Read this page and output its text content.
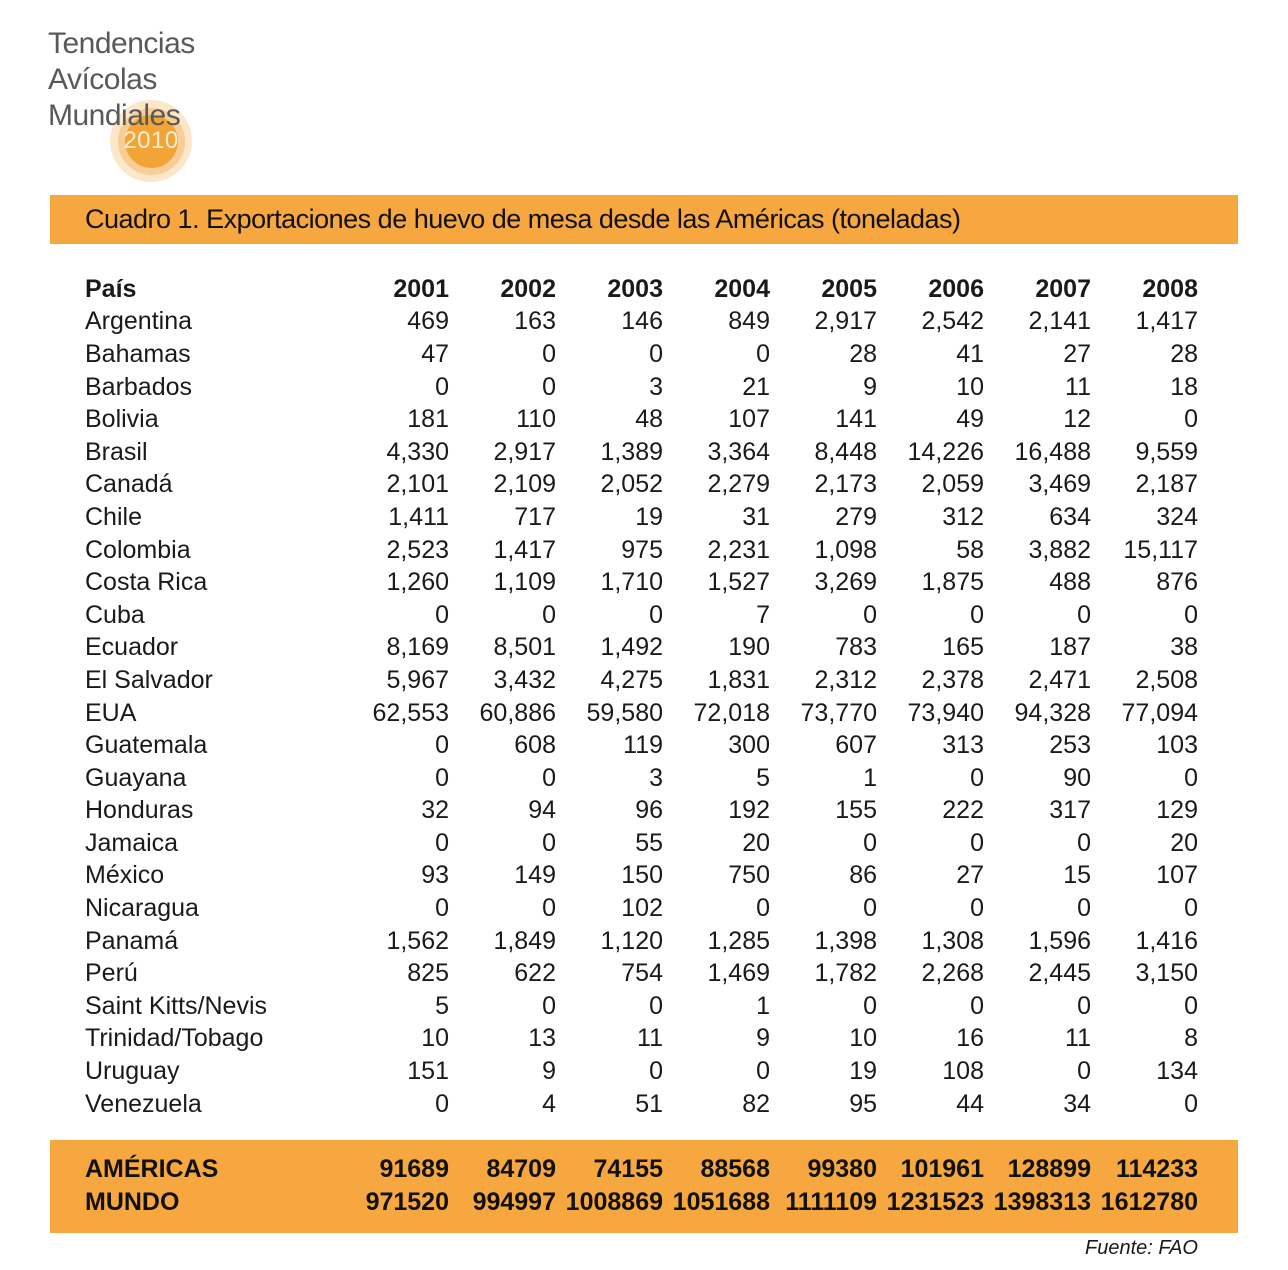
2010
Tendencias
Avícolas
Mundiales
Cuadro 1. Exportaciones de huevo de mesa desde las Américas (toneladas)
País	2001	2002	2003	2004	2005	2006	2007	2008
Argentina	469	163	146	849	2,917	2,542	2,141	1,417
Bahamas	47	0	0	0	28	41	27	28
Barbados	0	0	3	21	9	10	11	18
Bolivia	181	110	48	107	141	49	12	0
Brasil	4,330	2,917	1,389	3,364	8,448	14,226	16,488	9,559
Canadá	2,101	2,109	2,052	2,279	2,173	2,059	3,469	2,187
Chile	1,411	717	19	31	279	312	634	324
Colombia	2,523	1,417	975	2,231	1,098	58	3,882	15,117
Costa Rica	1,260	1,109	1,710	1,527	3,269	1,875	488	876
Cuba	0	0	0	7	0	0	0	0
Ecuador	8,169	8,501	1,492	190	783	165	187	38
El Salvador	5,967	3,432	4,275	1,831	2,312	2,378	2,471	2,508
EUA	62,553	60,886	59,580	72,018	73,770	73,940	94,328	77,094
Guatemala	0	608	119	300	607	313	253	103
Guayana	0	0	3	5	1	0	90	0
Honduras	32	94	96	192	155	222	317	129
Jamaica	0	0	55	20	0	0	0	20
México	93	149	150	750	86	27	15	107
Nicaragua	0	0	102	0	0	0	0	0
Panamá	1,562	1,849	1,120	1,285	1,398	1,308	1,596	1,416
Perú	825	622	754	1,469	1,782	2,268	2,445	3,150
Saint Kitts/Nevis	5	0	0	1	0	0	0	0
Trinidad/Tobago	10	13	11	9	10	16	11	8
Uruguay	151	9	0	0	19	108	0	134
Venezuela	0	4	51	82	95	44	34	0
AMÉRICAS	91689	84709	74155	88568	99380	101961	128899	114233
MUNDO	971520	994997	1008869	1051688	1111109	1231523	1398313	1612780
Fuente: FAO
